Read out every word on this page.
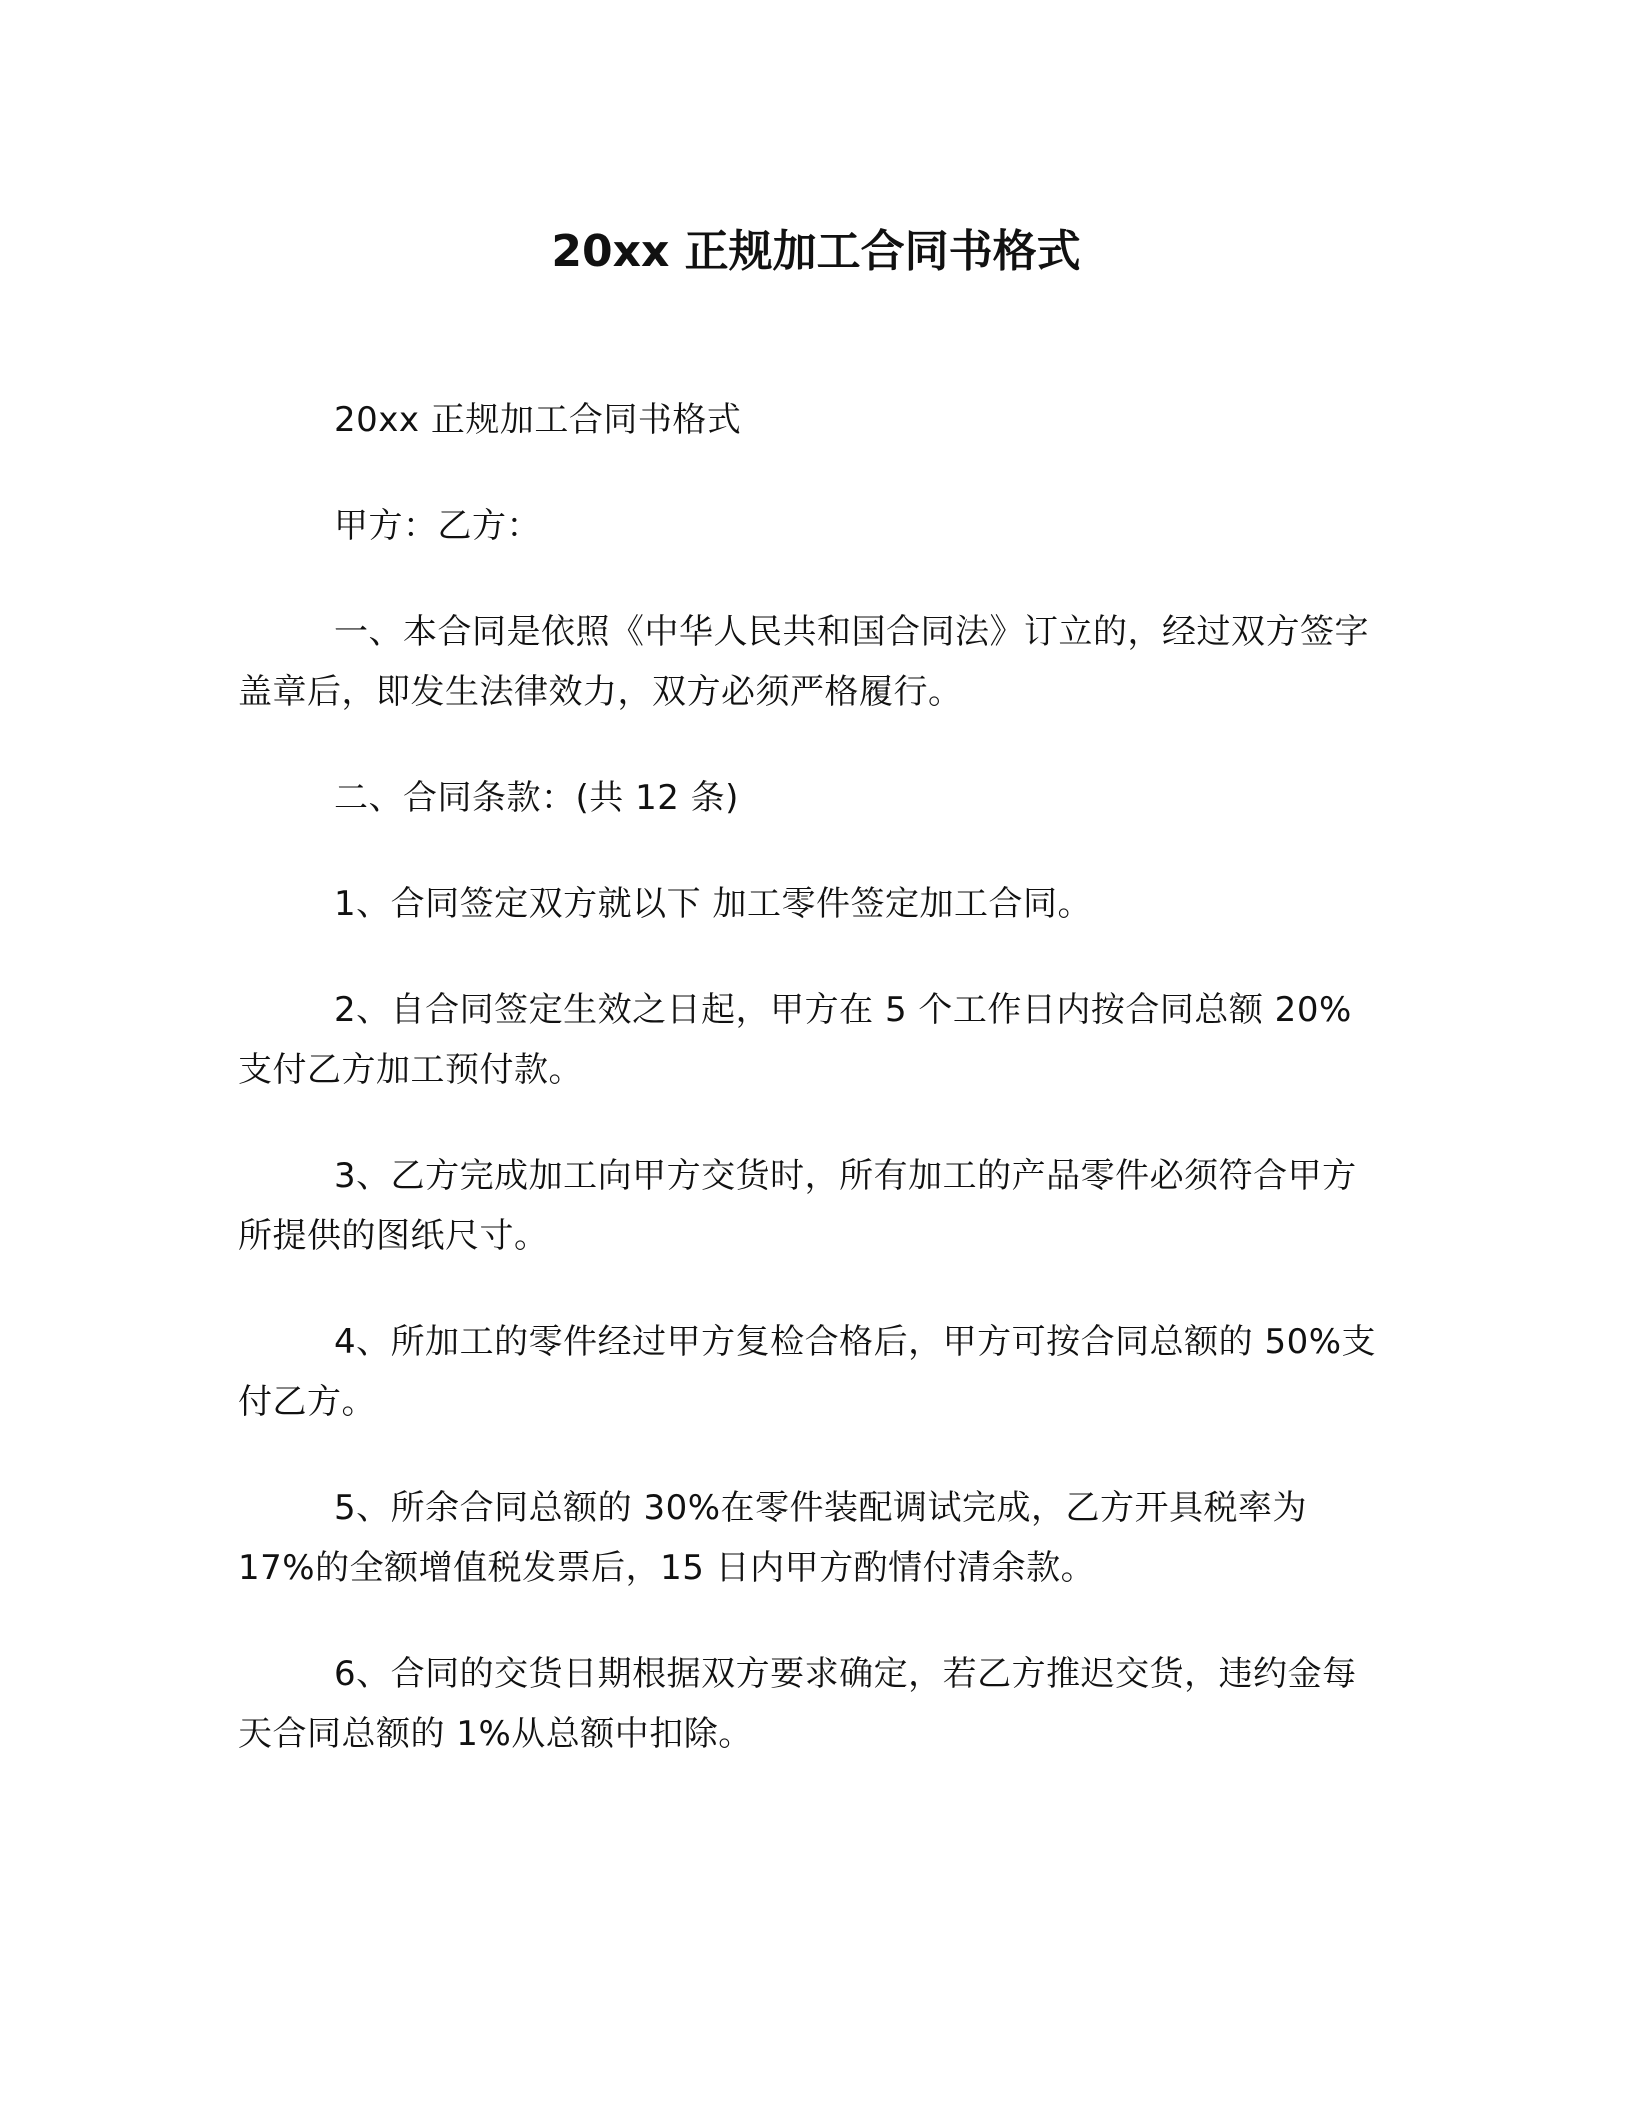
20xx 正规加工合同书格式

20xx 正规加工合同书格式

甲方：乙方：

一、本合同是依照《中华人民共和国合同法》订立的，经过双方签字盖章后，即发生法律效力，双方必须严格履行。

二、合同条款：(共 12 条)

1、合同签定双方就以下 加工零件签定加工合同。

2、自合同签定生效之日起，甲方在 5 个工作日内按合同总额 20%支付乙方加工预付款。

3、乙方完成加工向甲方交货时，所有加工的产品零件必须符合甲方所提供的图纸尺寸。

4、所加工的零件经过甲方复检合格后，甲方可按合同总额的 50%支付乙方。

5、所余合同总额的 30%在零件装配调试完成，乙方开具税率为 17%的全额增值税发票后，15 日内甲方酌情付清余款。

6、合同的交货日期根据双方要求确定，若乙方推迟交货，违约金每天合同总额的 1%从总额中扣除。
